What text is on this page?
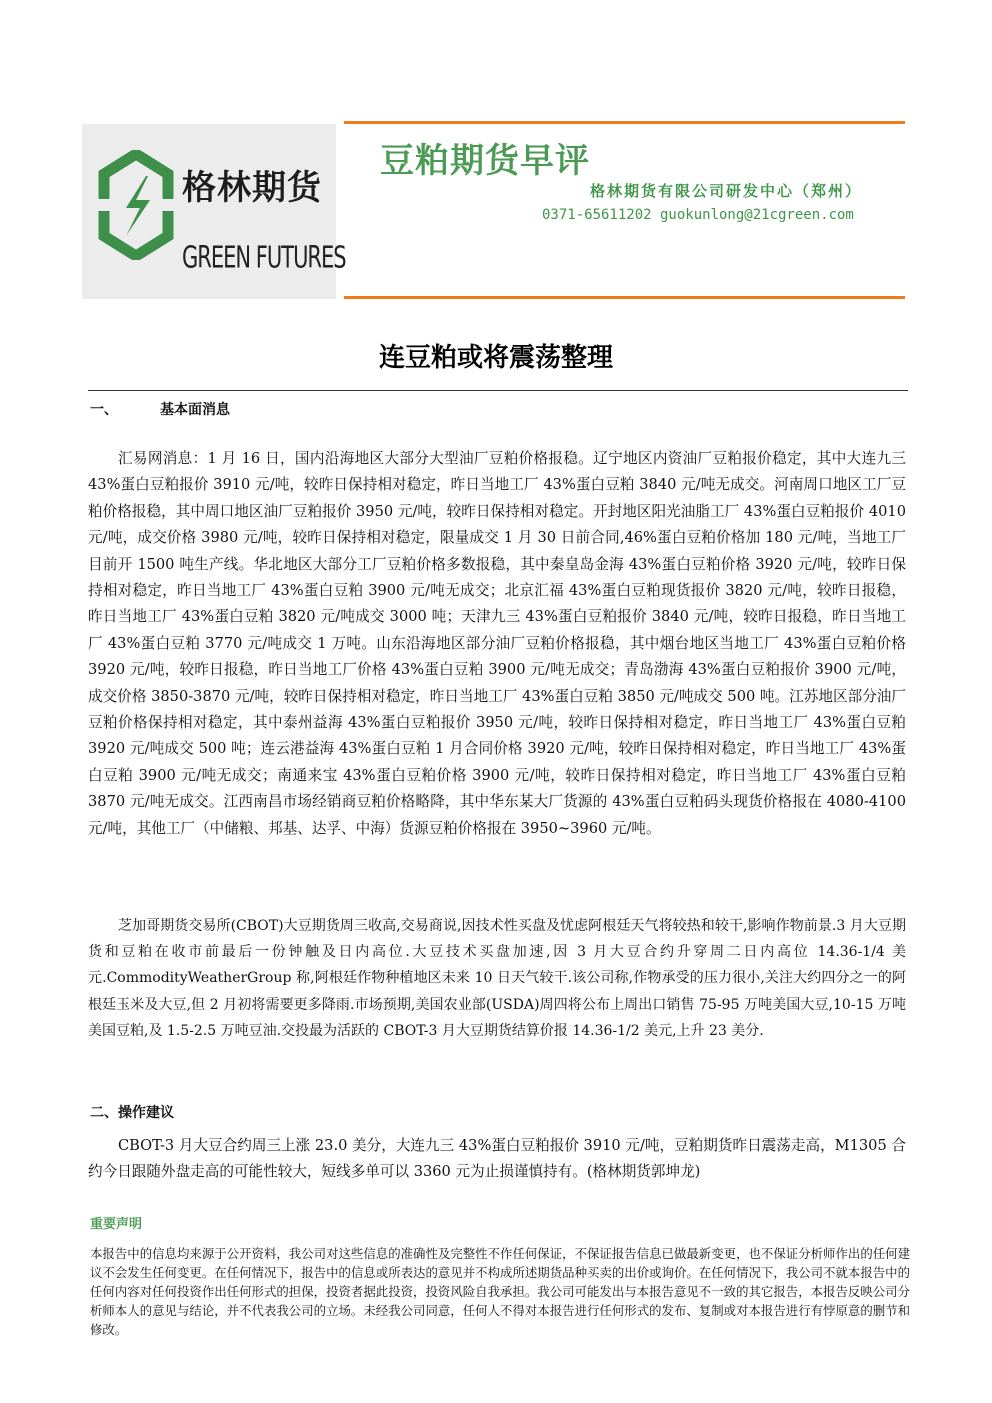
格林期货
GREEN FUTURES
豆粕期货早评
格林期货有限公司研发中心（郑州）
0371-65611202 guokunlong@21cgreen.com
连豆粕或将震荡整理
一、	基本面消息

汇易网消息：1 月 16 日，国内沿海地区大部分大型油厂豆粕价格报稳。辽宁地区内资油厂豆粕报价稳定，其中大连九三 43%蛋白豆粕报价 3910 元/吨，较昨日保持相对稳定，昨日当地工厂 43%蛋白豆粕 3840 元/吨无成交。河南周口地区工厂豆粕价格报稳，其中周口地区油厂豆粕报价 3950 元/吨，较昨日保持相对稳定。开封地区阳光油脂工厂 43%蛋白豆粕报价 4010 元/吨，成交价格 3980 元/吨，较昨日保持相对稳定，限量成交 1 月 30 日前合同,46%蛋白豆粕价格加 180 元/吨，当地工厂目前开 1500 吨生产线。华北地区大部分工厂豆粕价格多数报稳，其中秦皇岛金海 43%蛋白豆粕价格 3920 元/吨，较昨日保持相对稳定，昨日当地工厂 43%蛋白豆粕 3900 元/吨无成交；北京汇福 43%蛋白豆粕现货报价 3820 元/吨，较昨日报稳，昨日当地工厂 43%蛋白豆粕 3820 元/吨成交 3000 吨；天津九三 43%蛋白豆粕报价 3840 元/吨，较昨日报稳，昨日当地工厂 43%蛋白豆粕 3770 元/吨成交 1 万吨。山东沿海地区部分油厂豆粕价格报稳，其中烟台地区当地工厂 43%蛋白豆粕价格 3920 元/吨，较昨日报稳，昨日当地工厂价格 43%蛋白豆粕 3900 元/吨无成交；青岛渤海 43%蛋白豆粕报价 3900 元/吨，成交价格 3850-3870 元/吨，较昨日保持相对稳定，昨日当地工厂 43%蛋白豆粕 3850 元/吨成交 500 吨。江苏地区部分油厂豆粕价格保持相对稳定，其中泰州益海 43%蛋白豆粕报价 3950 元/吨，较昨日保持相对稳定，昨日当地工厂 43%蛋白豆粕 3920 元/吨成交 500 吨；连云港益海 43%蛋白豆粕 1 月合同价格 3920 元/吨，较昨日保持相对稳定，昨日当地工厂 43%蛋白豆粕 3900 元/吨无成交；南通来宝 43%蛋白豆粕价格 3900 元/吨，较昨日保持相对稳定，昨日当地工厂 43%蛋白豆粕 3870 元/吨无成交。江西南昌市场经销商豆粕价格略降，其中华东某大厂货源的 43%蛋白豆粕码头现货价格报在 4080-4100 元/吨，其他工厂（中储粮、邦基、达孚、中海）货源豆粕价格报在 3950~3960 元/吨。

芝加哥期货交易所(CBOT)大豆期货周三收高,交易商说,因技术性买盘及忧虑阿根廷天气将较热和较干,影响作物前景.3 月大豆期货和豆粕在收市前最后一份钟触及日内高位.大豆技术买盘加速,因 3 月大豆合约升穿周二日内高位 14.36-1/4 美元.CommodityWeatherGroup 称,阿根廷作物种植地区未来 10 日天气较干.该公司称,作物承受的压力很小,关注大约四分之一的阿根廷玉米及大豆,但 2 月初将需要更多降雨.市场预期,美国农业部(USDA)周四将公布上周出口销售 75-95 万吨美国大豆,10-15 万吨美国豆粕,及 1.5-2.5 万吨豆油.交投最为活跃的 CBOT-3 月大豆期货结算价报 14.36-1/2 美元,上升 23 美分.

二、操作建议

CBOT-3 月大豆合约周三上涨 23.0 美分，大连九三 43%蛋白豆粕报价 3910 元/吨，豆粕期货昨日震荡走高，M1305 合约今日跟随外盘走高的可能性较大，短线多单可以 3360 元为止损谨慎持有。(格林期货郭坤龙)

重要声明

本报告中的信息均来源于公开资料，我公司对这些信息的准确性及完整性不作任何保证，不保证报告信息已做最新变更，也不保证分析师作出的任何建议不会发生任何变更。在任何情况下，报告中的信息或所表达的意见并不构成所述期货品种买卖的出价或询价。在任何情况下，我公司不就本报告中的任何内容对任何投资作出任何形式的担保，投资者据此投资，投资风险自我承担。我公司可能发出与本报告意见不一致的其它报告，本报告反映公司分析师本人的意见与结论，并不代表我公司的立场。未经我公司同意，任何人不得对本报告进行任何形式的发布、复制或对本报告进行有悖原意的删节和修改。
